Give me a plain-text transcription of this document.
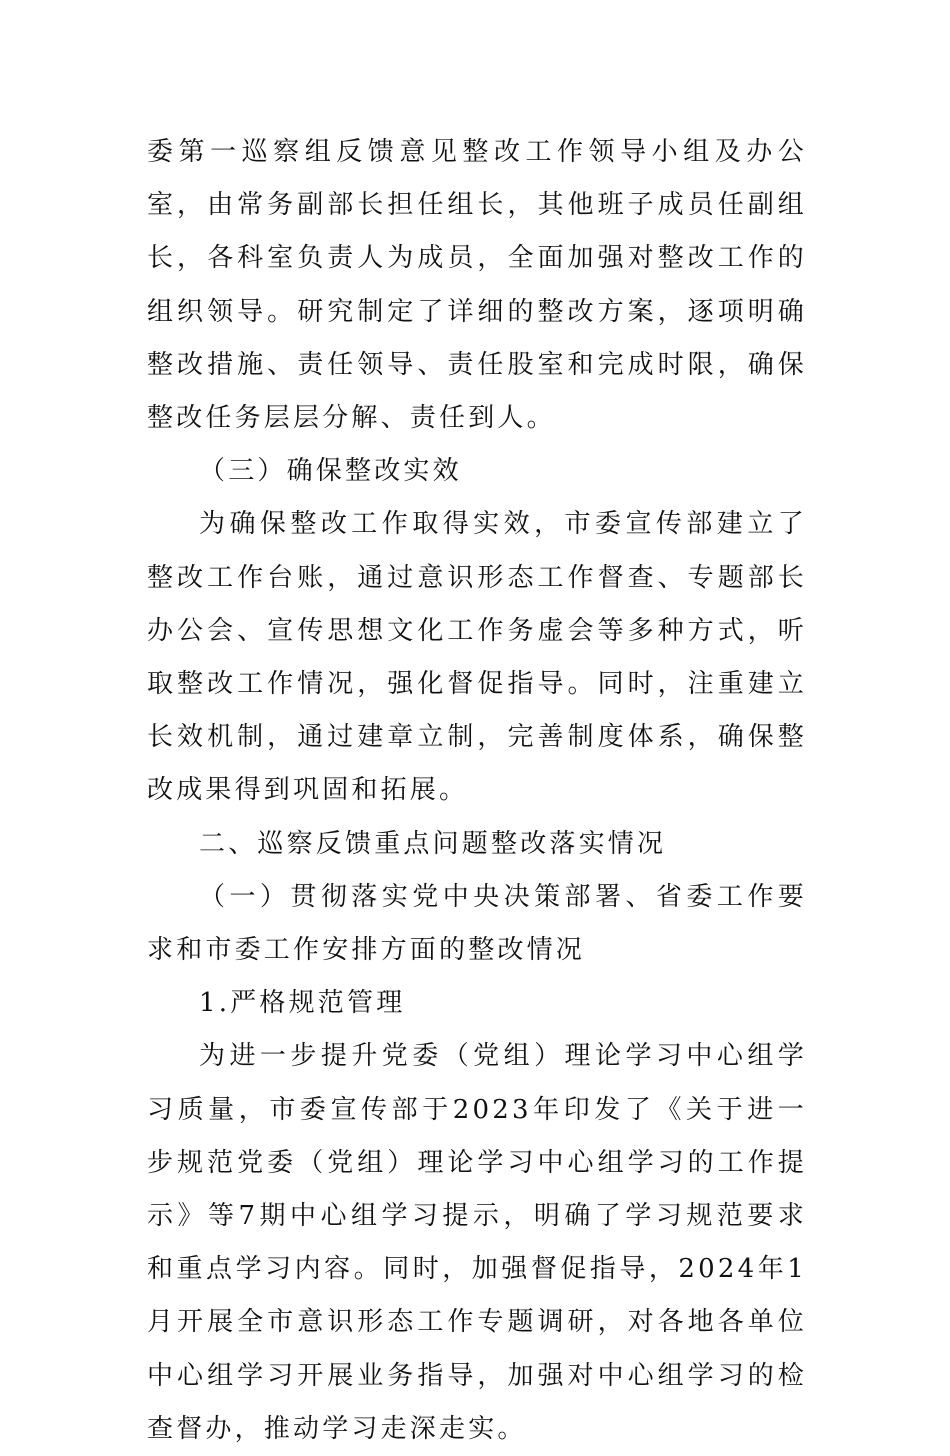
委第一巡察组反馈意见整改工作领导小组及办公室，由常务副部长担任组长，其他班子成员任副组长，各科室负责人为成员，全面加强对整改工作的组织领导。研究制定了详细的整改方案，逐项明确整改措施、责任领导、责任股室和完成时限，确保整改任务层层分解、责任到人。

（三）确保整改实效

为确保整改工作取得实效，市委宣传部建立了整改工作台账，通过意识形态工作督查、专题部长办公会、宣传思想文化工作务虚会等多种方式，听取整改工作情况，强化督促指导。同时，注重建立长效机制，通过建章立制，完善制度体系，确保整改成果得到巩固和拓展。

二、巡察反馈重点问题整改落实情况

（一）贯彻落实党中央决策部署、省委工作要求和市委工作安排方面的整改情况

1.严格规范管理

为进一步提升党委（党组）理论学习中心组学习质量，市委宣传部于2023年印发了《关于进一步规范党委（党组）理论学习中心组学习的工作提示》等7期中心组学习提示，明确了学习规范要求和重点学习内容。同时，加强督促指导，2024年1月开展全市意识形态工作专题调研，对各地各单位中心组学习开展业务指导，加强对中心组学习的检查督办，推动学习走深走实。
